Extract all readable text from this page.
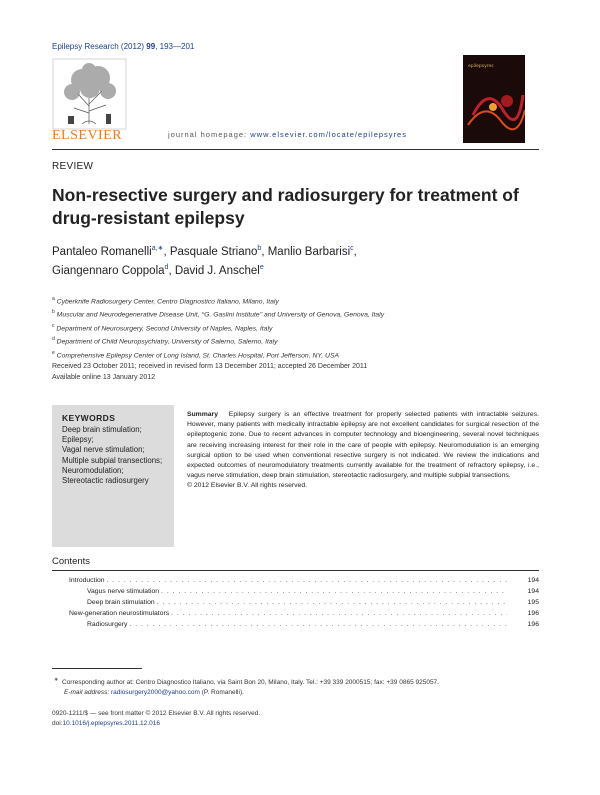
Epilepsy Research (2012) 99, 193—201
ELSEVIER	journal homepage: www.elsevier.com/locate/epilepsyres
epilepsyres
REVIEW
Non-resective surgery and radiosurgery for treatment of drug-resistant epilepsy
Pantaleo Romanelli$^{a,∗}$, Pasquale Striano$^b$, Manlio Barbarisi$^c$,
Giangennaro Coppola$^d$, David J. Anschel$^e$
$^a$ Cyberknife Radiosurgery Center, Centro Diagnostico Italiano, Milano, Italy
$^b$ Muscular and Neurodegenerative Disease Unit, ‘‘G. Gaslini Institute’’ and University of Genova, Genova, Italy
$^c$ Department of Neurosurgery, Second University of Naples, Naples, Italy
$^d$ Department of Child Neuropsychiatry, University of Salerno, Salerno, Italy
$^e$ Comprehensive Epilepsy Center of Long Island, St. Charles Hospital, Port Jefferson, NY, USA
Received 23 October 2011; received in revised form 13 December 2011; accepted 26 December 2011
Available online 13 January 2012
KEYWORDS
Deep brain stimulation;
Epilepsy;
Vagal nerve stimulation;
Multiple subpial transections;
Neuromodulation;
Stereotactic radiosurgery
Summary Epilepsy surgery is an effective treatment for properly selected patients with intractable seizures. However, many patients with medically intractable epilepsy are not excellent candidates for surgical resection of the epileptogenic zone. Due to recent advances in computer technology and bioengineering, several novel techniques are receiving increasing interest for their role in the care of people with epilepsy. Neuromodulation is an emerging surgical option to be used when conventional resective surgery is not indicated. We review the indications and expected outcomes of neuromodulatory treatments currently available for the treatment of refractory epilepsy, i.e., vagus nerve stimulation, deep brain stimulation, stereotactic radiosurgery, and multiple subpial transections.
© 2012 Elsevier B.V. All rights reserved.
Contents
Introduction . . .	194
Vagus nerve stimulation . . .	194
Deep brain stimulation . . .	195
New-generation neurostimulators . . .	196
Radiosurgery . . .	196
∗ Corresponding author at: Centro Diagnostico Italiano, via Saint Bon 20, Milano, Italy. Tel.: +39 339 2000515; fax: +39 0865 925057.
E-mail address: radiosurgery2000@yahoo.com (P. Romanelli).
0920-1211/$ — see front matter © 2012 Elsevier B.V. All rights reserved.
doi:10.1016/j.eplepsyres.2011.12.016
